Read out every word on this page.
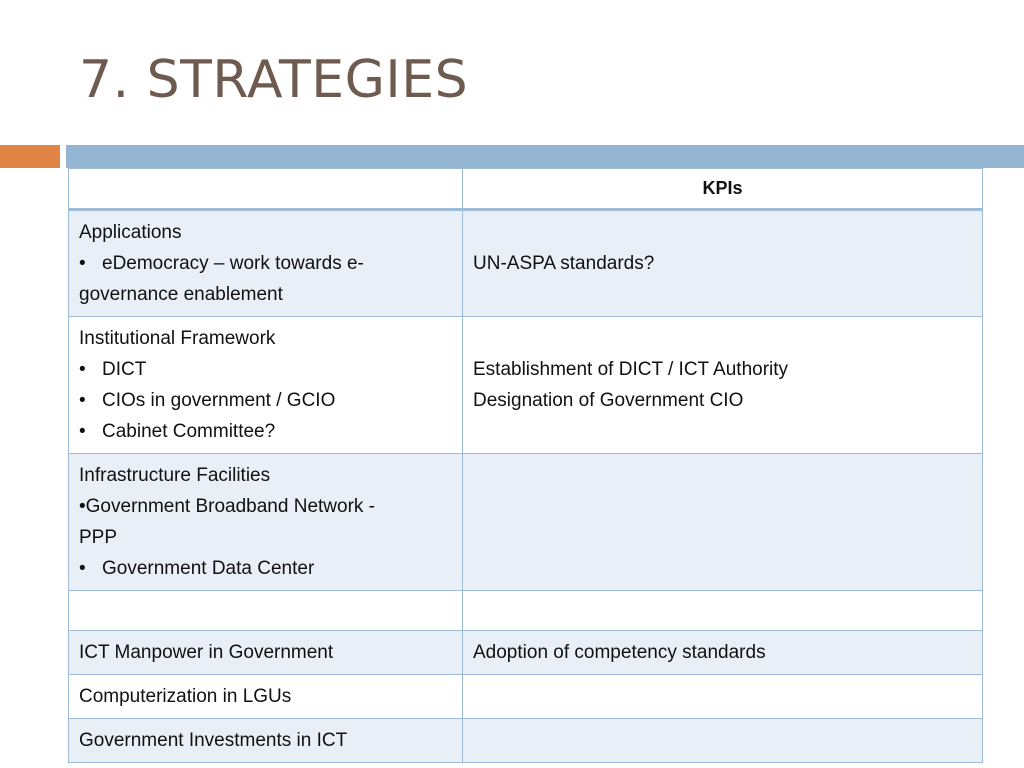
7. STRATEGIES
	KPIs

Applications
• eDemocracy – work towards e-
governance enablement	UN-ASPA standards?

Institutional Framework
• DICT
• CIOs in government / GCIO
• Cabinet Committee?	Establishment of DICT / ICT Authority
Designation of Government CIO

Infrastructure Facilities
•Government Broadband Network -
PPP
• Government Data Center

ICT Manpower in Government	Adoption of competency standards

Computerization in LGUs	

Government Investments in ICT	
